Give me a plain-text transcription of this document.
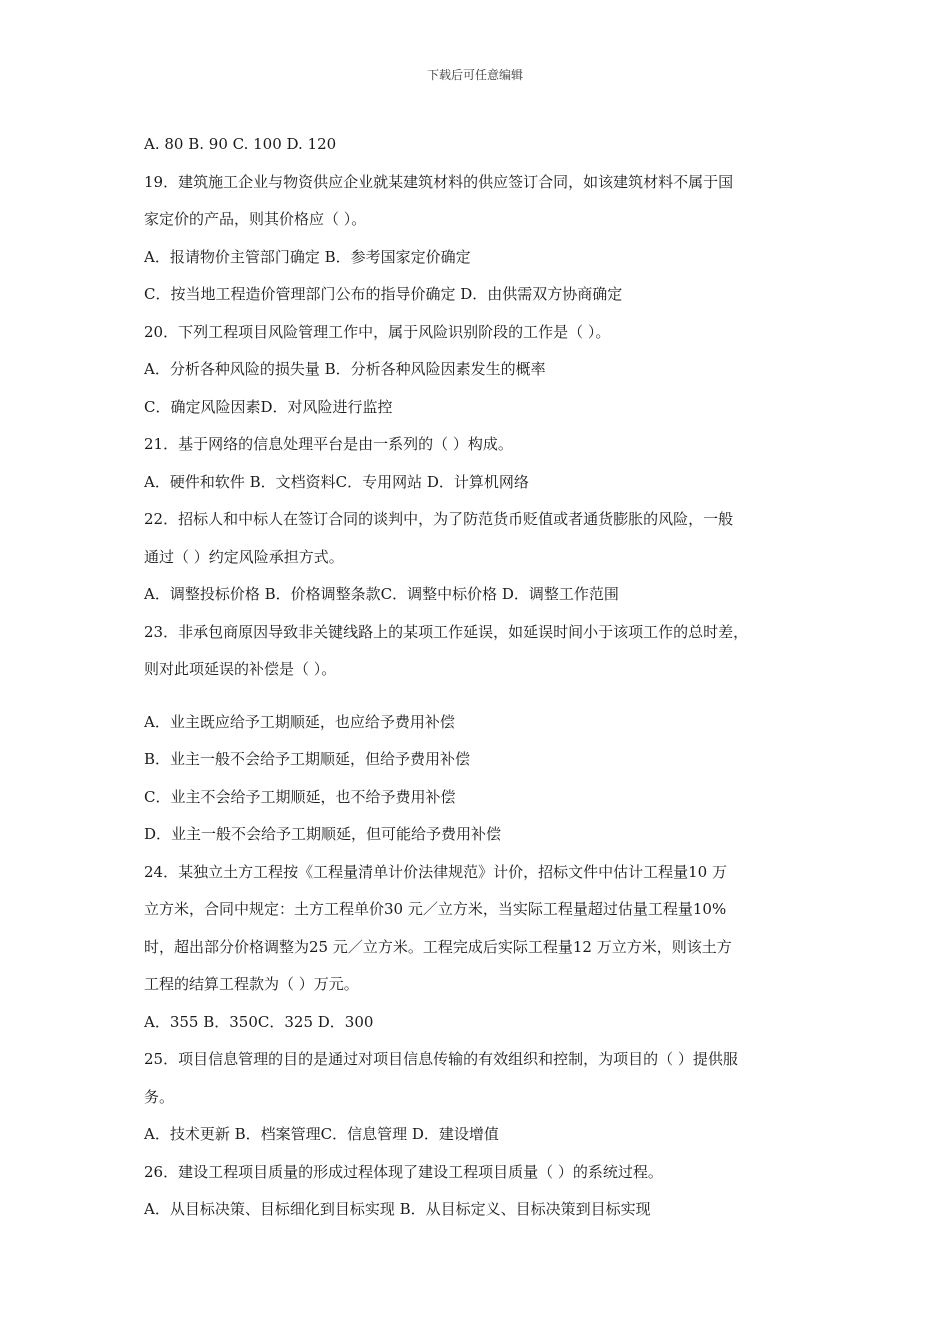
下载后可任意编辑
A. 80 B. 90 C. 100 D. 120
19．建筑施工企业与物资供应企业就某建筑材料的供应签订合同，如该建筑材料不属于国
家定价的产品，则其价格应（ ）。
A．报请物价主管部门确定 B．参考国家定价确定
C．按当地工程造价管理部门公布的指导价确定 D．由供需双方协商确定
20．下列工程项目风险管理工作中，属于风险识别阶段的工作是（ ）。
A．分析各种风险的损失量 B．分析各种风险因素发生的概率
C．确定风险因素D．对风险进行监控
21．基于网络的信息处理平台是由一系列的（ ）构成。
A．硬件和软件 B．文档资料C．专用网站 D．计算机网络
22．招标人和中标人在签订合同的谈判中，为了防范货币贬值或者通货膨胀的风险，一般
通过（ ）约定风险承担方式。
A．调整投标价格 B．价格调整条款C．调整中标价格 D．调整工作范围
23．非承包商原因导致非关键线路上的某项工作延误，如延误时间小于该项工作的总时差，
则对此项延误的补偿是（ ）。
A．业主既应给予工期顺延，也应给予费用补偿
B．业主一般不会给予工期顺延，但给予费用补偿
C．业主不会给予工期顺延，也不给予费用补偿
D．业主一般不会给予工期顺延，但可能给予费用补偿
24．某独立土方工程按《工程量清单计价法律规范》计价，招标文件中估计工程量10 万
立方米，合同中规定：土方工程单价30 元／立方米，当实际工程量超过估量工程量10%
时，超出部分价格调整为25 元／立方米。工程完成后实际工程量12 万立方米，则该土方
工程的结算工程款为（ ）万元。
A．355 B．350C．325 D．300
25．项目信息管理的目的是通过对项目信息传输的有效组织和控制，为项目的（ ）提供服
务。
A．技术更新 B．档案管理C．信息管理 D．建设增值
26．建设工程项目质量的形成过程体现了建设工程项目质量（ ）的系统过程。
A．从目标决策、目标细化到目标实现 B．从目标定义、目标决策到目标实现
